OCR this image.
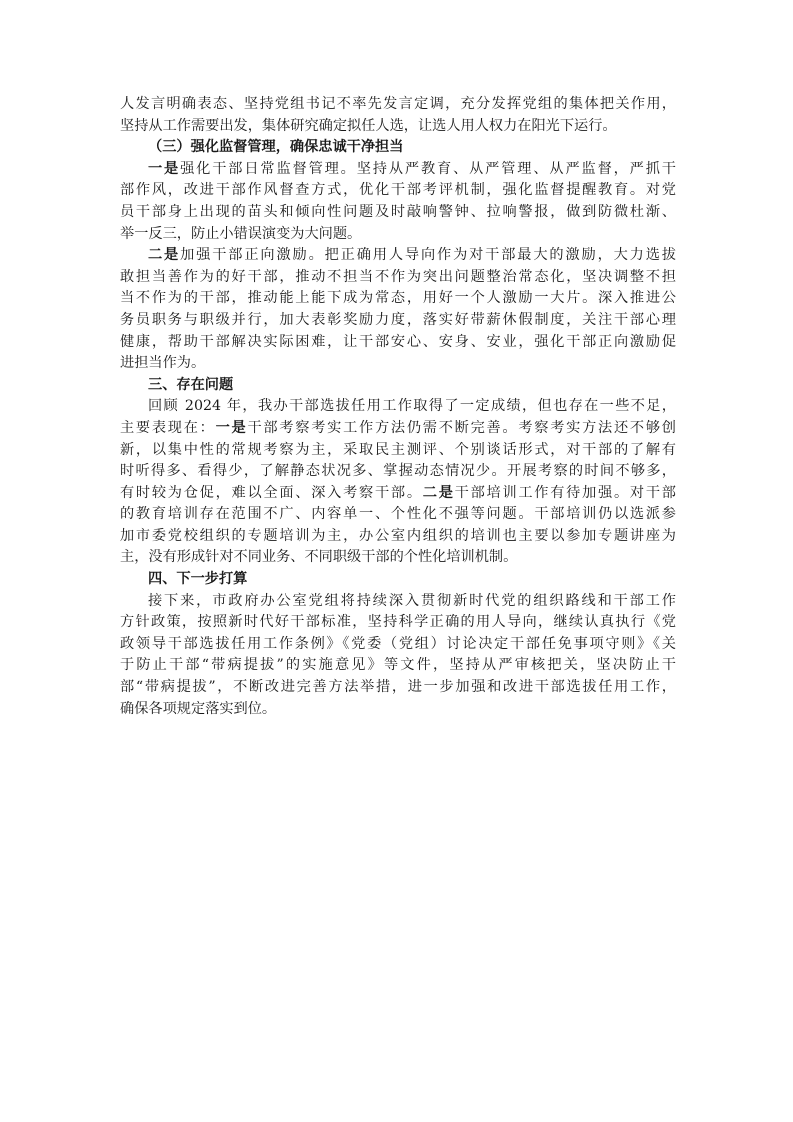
人发言明确表态、坚持党组书记不率先发言定调，充分发挥党组的集体把关作用，
坚持从工作需要出发，集体研究确定拟任人选，让选人用人权力在阳光下运行。

（三）强化监督管理，确保忠诚干净担当

一是强化干部日常监督管理。坚持从严教育、从严管理、从严监督，严抓干

部作风，改进干部作风督查方式，优化干部考评机制，强化监督提醒教育。对党
员干部身上出现的苗头和倾向性问题及时敲响警钟、拉响警报，做到防微杜渐、
举一反三，防止小错误演变为大问题。

二是加强干部正向激励。把正确用人导向作为对干部最大的激励，大力选拔

敢担当善作为的好干部，推动不担当不作为突出问题整治常态化，坚决调整不担
当不作为的干部，推动能上能下成为常态，用好一个人激励一大片。深入推进公
务员职务与职级并行，加大表彰奖励力度，落实好带薪休假制度，关注干部心理
健康，帮助干部解决实际困难，让干部安心、安身、安业，强化干部正向激励促
进担当作为。

三、存在问题

回顾 2024 年，我办干部选拔任用工作取得了一定成绩，但也存在一些不足，

主要表现在：一是干部考察考实工作方法仍需不断完善。考察考实方法还不够创
新，以集中性的常规考察为主，采取民主测评、个别谈话形式，对干部的了解有
时听得多、看得少，了解静态状况多、掌握动态情况少。开展考察的时间不够多，
有时较为仓促，难以全面、深入考察干部。二是干部培训工作有待加强。对干部
的教育培训存在范围不广、内容单一、个性化不强等问题。干部培训仍以选派参
加市委党校组织的专题培训为主，办公室内组织的培训也主要以参加专题讲座为
主，没有形成针对不同业务、不同职级干部的个性化培训机制。

四、下一步打算

接下来，市政府办公室党组将持续深入贯彻新时代党的组织路线和干部工作

方针政策，按照新时代好干部标准，坚持科学正确的用人导向，继续认真执行《党
政领导干部选拔任用工作条例》《党委（党组）讨论决定干部任免事项守则》《关
于防止干部“带病提拔”的实施意见》等文件，坚持从严审核把关，坚决防止干
部“带病提拔”，不断改进完善方法举措，进一步加强和改进干部选拔任用工作，
确保各项规定落实到位。
